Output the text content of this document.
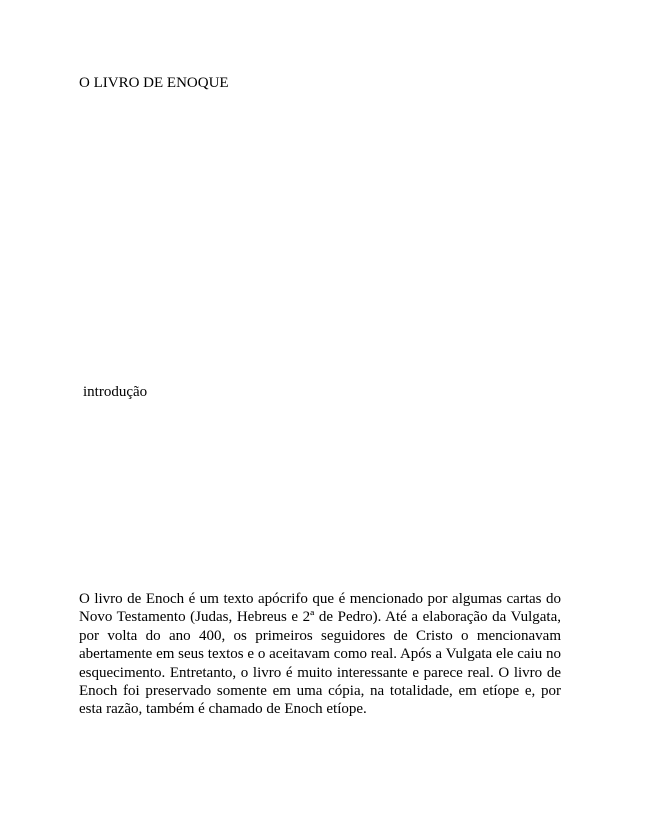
O LIVRO DE ENOQUE
introdução
O livro de Enoch é um texto apócrifo que é mencionado por algumas cartas do Novo Testamento (Judas, Hebreus e 2ª de Pedro). Até a elaboração da Vulgata, por volta do ano 400, os primeiros seguidores de Cristo o mencionavam abertamente em seus textos e o aceitavam como real. Após a Vulgata ele caiu no esquecimento. Entretanto, o livro é muito interessante e parece real. O livro de Enoch foi preservado somente em uma cópia, na totalidade, em etíope e, por esta razão, também é chamado de Enoch etíope.
